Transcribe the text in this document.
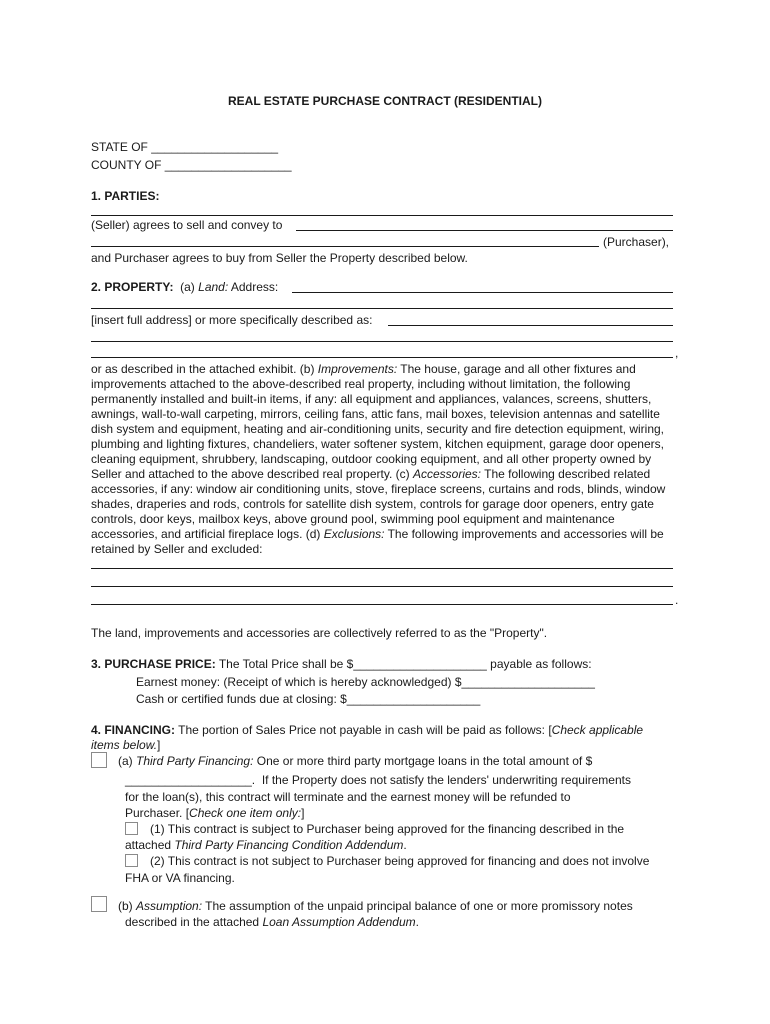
REAL ESTATE PURCHASE CONTRACT (RESIDENTIAL)
STATE OF ___________________
COUNTY OF ___________________
1. PARTIES:
(Seller) agrees to sell and convey to
(Purchaser),
and Purchaser agrees to buy from Seller the Property described below.
2. PROPERTY: (a) Land: Address:
[insert full address] or more specifically described as:
,
or as described in the attached exhibit. (b) Improvements: The house, garage and all other fixtures and improvements attached to the above-described real property, including without limitation, the following permanently installed and built-in items, if any: all equipment and appliances, valances, screens, shutters, awnings, wall-to-wall carpeting, mirrors, ceiling fans, attic fans, mail boxes, television antennas and satellite dish system and equipment, heating and air-conditioning units, security and fire detection equipment, wiring, plumbing and lighting fixtures, chandeliers, water softener system, kitchen equipment, garage door openers, cleaning equipment, shrubbery, landscaping, outdoor cooking equipment, and all other property owned by Seller and attached to the above described real property. (c) Accessories: The following described related accessories, if any: window air conditioning units, stove, fireplace screens, curtains and rods, blinds, window shades, draperies and rods, controls for satellite dish system, controls for garage door openers, entry gate controls, door keys, mailbox keys, above ground pool, swimming pool equipment and maintenance accessories, and artificial fireplace logs. (d) Exclusions: The following improvements and accessories will be retained by Seller and excluded:
.
The land, improvements and accessories are collectively referred to as the "Property".
3. PURCHASE PRICE: The Total Price shall be $____________________ payable as follows:
Earnest money: (Receipt of which is hereby acknowledged) $____________________
Cash or certified funds due at closing: $____________________
4. FINANCING: The portion of Sales Price not payable in cash will be paid as follows: [Check applicable
items below.]
(a) Third Party Financing: One or more third party mortgage loans in the total amount of $
___________________. If the Property does not satisfy the lenders' underwriting requirements
for the loan(s), this contract will terminate and the earnest money will be refunded to
Purchaser. [Check one item only:]
(1) This contract is subject to Purchaser being approved for the financing described in the
attached Third Party Financing Condition Addendum.
(2) This contract is not subject to Purchaser being approved for financing and does not involve
FHA or VA financing.
(b) Assumption: The assumption of the unpaid principal balance of one or more promissory notes
described in the attached Loan Assumption Addendum.
